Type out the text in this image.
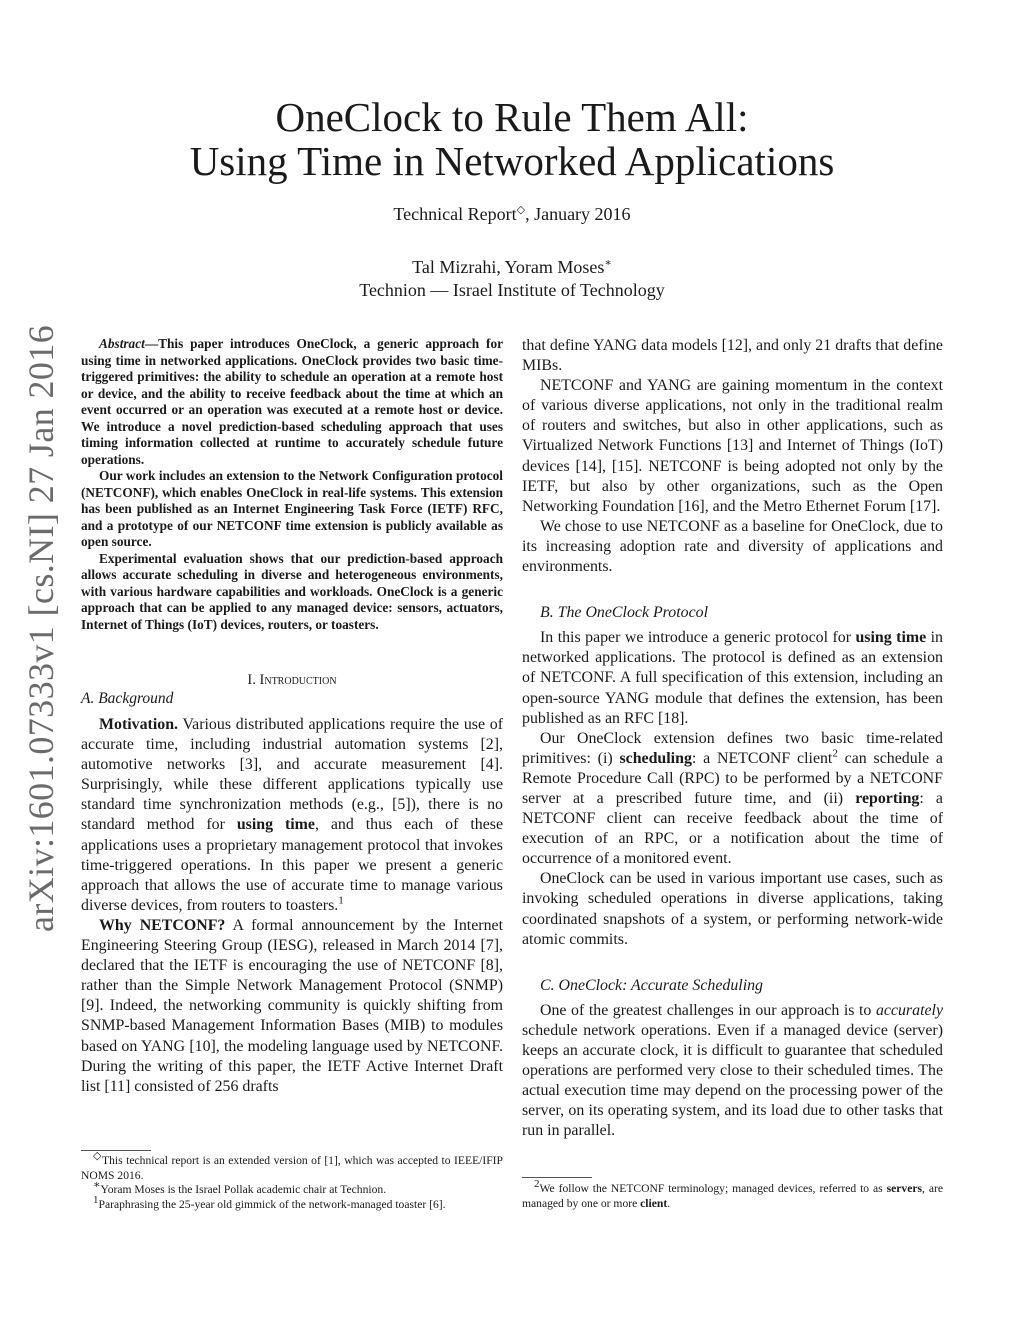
arXiv:1601.07333v1 [cs.NI] 27 Jan 2016
OneClock to Rule Them All:
Using Time in Networked Applications
Technical Report◇, January 2016
Tal Mizrahi, Yoram Moses∗
Technion — Israel Institute of Technology

Abstract—This paper introduces OneClock, a generic approach for using time in networked applications. OneClock provides two basic time-triggered primitives: the ability to schedule an operation at a remote host or device, and the ability to receive feedback about the time at which an event occurred or an operation was executed at a remote host or device. We introduce a novel prediction-based scheduling approach that uses timing information collected at runtime to accurately schedule future operations.

Our work includes an extension to the Network Configuration protocol (NETCONF), which enables OneClock in real-life systems. This extension has been published as an Internet Engineering Task Force (IETF) RFC, and a prototype of our NETCONF time extension is publicly available as open source.

Experimental evaluation shows that our prediction-based approach allows accurate scheduling in diverse and heterogeneous environments, with various hardware capabilities and workloads. OneClock is a generic approach that can be applied to any managed device: sensors, actuators, Internet of Things (IoT) devices, routers, or toasters.

I. Introduction

A. Background

Motivation. Various distributed applications require the use of accurate time, including industrial automation systems [2], automotive networks [3], and accurate measurement [4]. Surprisingly, while these different applications typically use standard time synchronization methods (e.g., [5]), there is no standard method for using time, and thus each of these applications uses a proprietary management protocol that invokes time-triggered operations. In this paper we present a generic approach that allows the use of accurate time to manage various diverse devices, from routers to toasters.$^1$

Why NETCONF? A formal announcement by the Internet Engineering Steering Group (IESG), released in March 2014 [7], declared that the IETF is encouraging the use of NETCONF [8], rather than the Simple Network Management Protocol (SNMP) [9]. Indeed, the networking community is quickly shifting from SNMP-based Management Information Bases (MIB) to modules based on YANG [10], the modeling language used by NETCONF. During the writing of this paper, the IETF Active Internet Draft list [11] consisted of 256 drafts

◇This technical report is an extended version of [1], which was accepted to IEEE/IFIP NOMS 2016.

∗Yoram Moses is the Israel Pollak academic chair at Technion.

$^1$Paraphrasing the 25-year old gimmick of the network-managed toaster [6].

that define YANG data models [12], and only 21 drafts that define MIBs.

NETCONF and YANG are gaining momentum in the context of various diverse applications, not only in the traditional realm of routers and switches, but also in other applications, such as Virtualized Network Functions [13] and Internet of Things (IoT) devices [14], [15]. NETCONF is being adopted not only by the IETF, but also by other organizations, such as the Open Networking Foundation [16], and the Metro Ethernet Forum [17].

We chose to use NETCONF as a baseline for OneClock, due to its increasing adoption rate and diversity of applications and environments.

B. The OneClock Protocol

In this paper we introduce a generic protocol for using time in networked applications. The protocol is defined as an extension of NETCONF. A full specification of this extension, including an open-source YANG module that defines the extension, has been published as an RFC [18].

Our OneClock extension defines two basic time-related primitives: (i) scheduling: a NETCONF client$^2$ can schedule a Remote Procedure Call (RPC) to be performed by a NETCONF server at a prescribed future time, and (ii) reporting: a NETCONF client can receive feedback about the time of execution of an RPC, or a notification about the time of occurrence of a monitored event.

OneClock can be used in various important use cases, such as invoking scheduled operations in diverse applications, taking coordinated snapshots of a system, or performing network-wide atomic commits.

C. OneClock: Accurate Scheduling

One of the greatest challenges in our approach is to accurately schedule network operations. Even if a managed device (server) keeps an accurate clock, it is difficult to guarantee that scheduled operations are performed very close to their scheduled times. The actual execution time may depend on the processing power of the server, on its operating system, and its load due to other tasks that run in parallel.

$^2$We follow the NETCONF terminology; managed devices, referred to as servers, are managed by one or more client.
